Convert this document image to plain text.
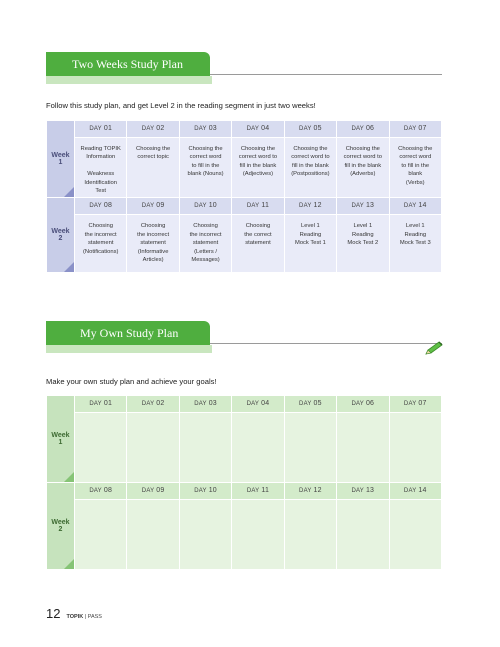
Two Weeks Study Plan
Follow this study plan, and get Level 2 in the reading segment in just two weeks!
Week
1	DAY 01	DAY 02	DAY 03	DAY 04	DAY 05	DAY 06	DAY 07
	Reading TOPIK
Information

Weakness
Identification
Test	Choosing the
correct topic	Choosing the
correct word
to fill in the
blank (Nouns)	Choosing the
correct word to
fill in the blank
(Adjectives)	Choosing the
correct word to
fill in the blank
(Postpositions)	Choosing the
correct word to
fill in the blank
(Adverbs)	Choosing the
correct word
to fill in the
blank
(Verbs)
Week
2	DAY 08	DAY 09	DAY 10	DAY 11	DAY 12	DAY 13	DAY 14
	Choosing
the incorrect
statement
(Notifications)	Choosing
the incorrect
statement
(Informative
Articles)	Choosing
the incorrect
statement
(Letters /
Messages)	Choosing
the correct
statement	Level 1
Reading
Mock Test 1	Level 1
Reading
Mock Test 2	Level 1
Reading
Mock Test 3
My Own Study Plan
Make your own study plan and achieve your goals!
Week
1	DAY 01	DAY 02	DAY 03	DAY 04	DAY 05	DAY 06	DAY 07

Week
2	DAY 08	DAY 09	DAY 10	DAY 11	DAY 12	DAY 13	DAY 14

12 TOPIK | PASS
